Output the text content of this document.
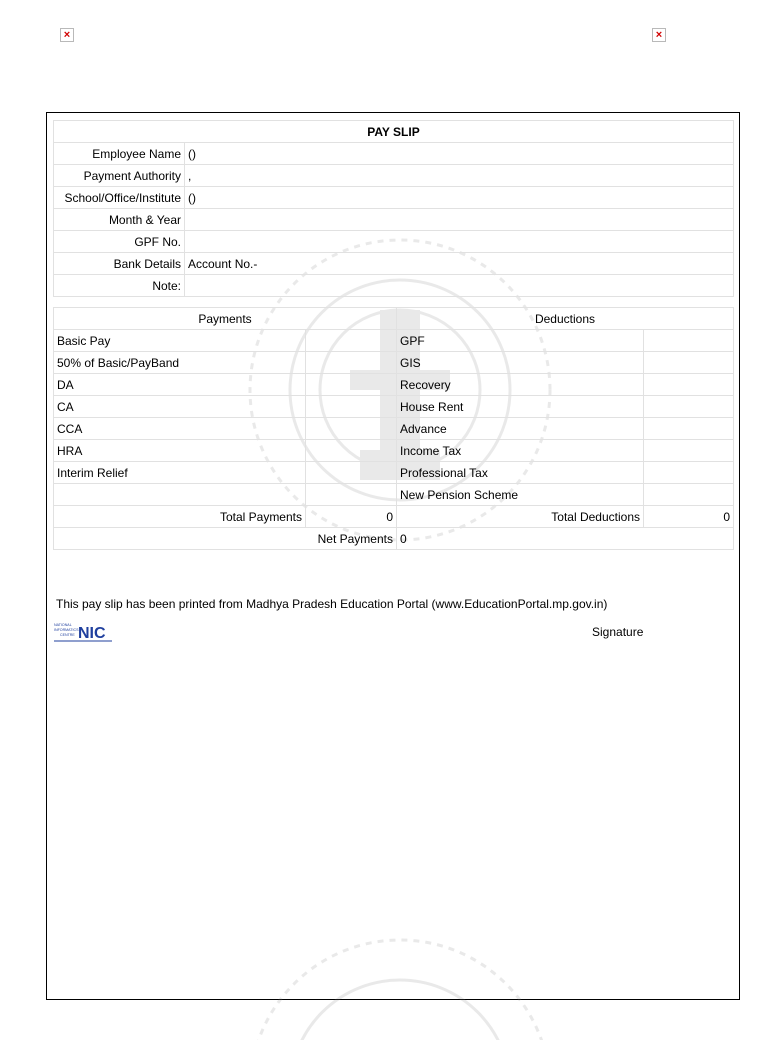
×	×
PAY SLIP	
Employee Name	()
Payment Authority	,
School/Office/Institute	()
Month & Year	
GPF No.	
Bank Details	Account No.-
Note:	
Payments		Deductions	
Basic Pay		GPF	
50% of Basic/PayBand		GIS	
DA		Recovery	
CA		House Rent	
CCA		Advance	
HRA		Income Tax	
Interim Relief		Professional Tax	
		New Pension Scheme	
Total Payments	0	Total Deductions	0
Net Payments		0	
This pay slip has been printed from Madhya Pradesh Education Portal (www.EducationPortal.mp.gov.in)
NATIONAL
INFORMATICS
CENTRE NIC	Signature
